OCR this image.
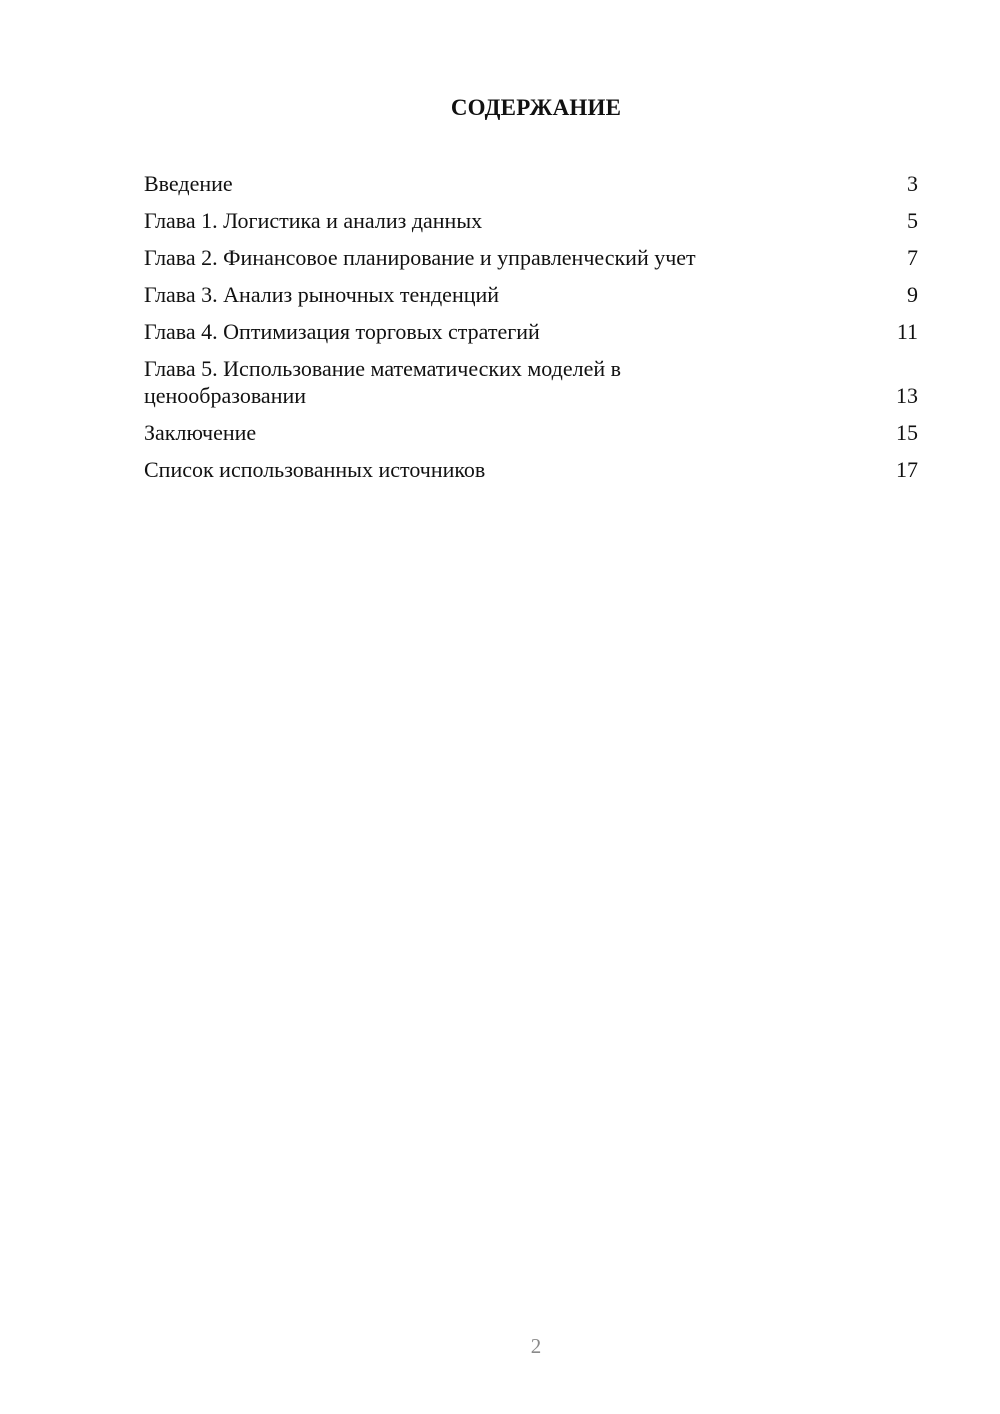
СОДЕРЖАНИЕ
Введение	3
Глава 1. Логистика и анализ данных	5
Глава 2. Финансовое планирование и управленческий учет	7
Глава 3. Анализ рыночных тенденций	9
Глава 4. Оптимизация торговых стратегий	11
Глава 5. Использование математических моделей в ценообразовании	13
Заключение	15
Список использованных источников	17
2
